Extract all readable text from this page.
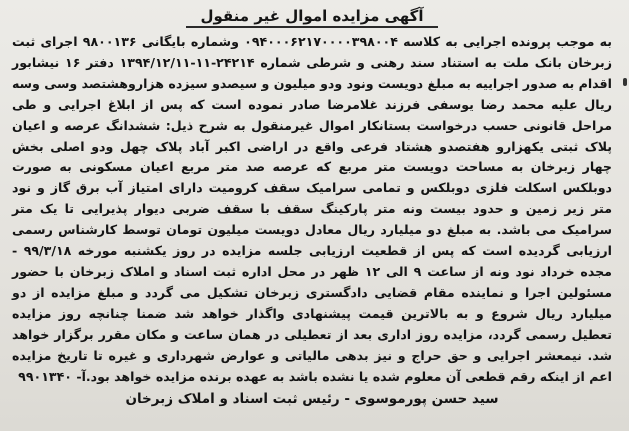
آگهی مزایده اموال غیر منقول

به موجب پرونده اجرایی به کلاسه ۰۹۴۰۰۰۶۲۱۷۰۰۰۰۳۹۸۰۰۴ وشماره بایگانی ۹۸۰۰۱۳۶ اجرای ثبت زبرخان بانک ملت به استناد سند رهنی و شرطی شماره ۲۴۲۱۴-۱۱-۱۳۹۴/۱۲/۱۱ دفتر ۱۶ نیشابور اقدام به صدور اجراییه به مبلغ دویست ونود ودو میلیون و سیصدو سیزده هزاروهشتصد وسی وسه ریال علیه محمد رضا یوسفی فرزند غلامرضا صادر نموده است که پس از ابلاغ اجرایی و طی مراحل قانونی حسب درخواست بستانکار اموال غیرمنقول به شرح ذیل: ششدانگ عرصه و اعیان پلاک ثبتی یکهزارو هفتصدو هشتاد فرعی واقع در اراضی اکبر آباد پلاک چهل ودو اصلی بخش چهار زبرخان به مساحت دویست متر مربع که عرصه صد متر مربع اعیان مسکونی به صورت دوبلکس اسکلت فلزی دوبلکس و تمامی سرامیک سقف کرومیت دارای امتیاز آب برق گاز و نود متر زیر زمین و حدود بیست ونه متر پارکینگ سقف با سقف ضربی دیوار پذیرایی تا یک متر سرامیک می باشد. به مبلغ دو میلیارد ریال معادل دویست میلیون تومان توسط کارشناس رسمی ارزیابی گردیده است که پس از قطعیت ارزیابی جلسه مزایده در روز یکشنبه مورخه ۹۹/۳/۱۸ - مجده خرداد نود ونه از ساعت ۹ الی ۱۲ ظهر در محل اداره ثبت اسناد و املاک زبرخان با حضور مسئولین اجرا و نماینده مقام قضایی دادگستری زبرخان تشکیل می گردد و مبلغ مزایده از دو میلیارد ریال شروع و به بالاترین قیمت پیشنهادی واگذار خواهد شد ضمنا چنانچه روز مزایده تعطیل رسمی گردد، مزایده روز اداری بعد از تعطیلی در همان ساعت و مکان مقرر برگزار خواهد شد. نیمعشر اجرایی و حق حراج و نیز بدهی مالیاتی و عوارض شهرداری و غیره تا تاریخ مزایده اعم از اینکه رقم قطعی آن معلوم شده یا نشده باشد به عهده برنده مزایده خواهد بود.آ- ۹۹۰۱۳۴۰

سید حسن پورموسوی - رئیس ثبت اسناد و املاک زبرخان
